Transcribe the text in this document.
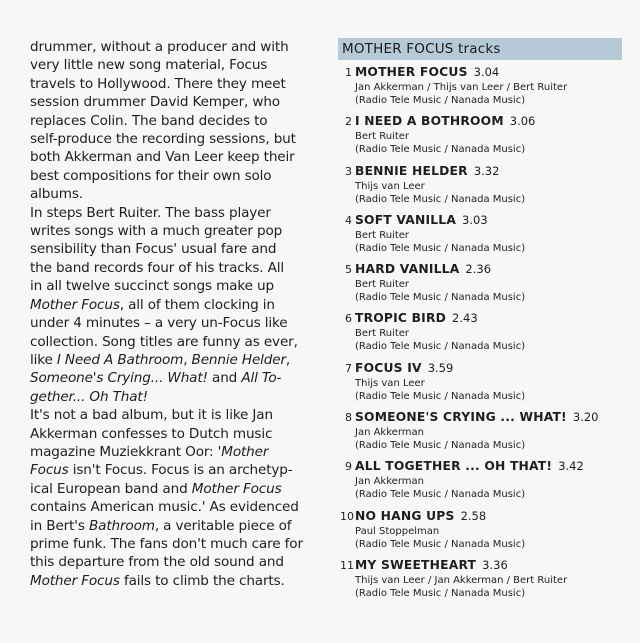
drummer, without a producer and with

very little new song material, Focus

travels to Hollywood. There they meet

session drummer David Kemper, who

replaces Colin. The band decides to

self-produce the recording sessions, but

both Akkerman and Van Leer keep their

best compositions for their own solo

albums.

In steps Bert Ruiter. The bass player

writes songs with a much greater pop

sensibility than Focus' usual fare and

the band records four of his tracks. All

in all twelve succinct songs make up

Mother Focus, all of them clocking in

under 4 minutes – a very un-Focus like

collection. Song titles are funny as ever,

like I Need A Bathroom, Bennie Helder,

Someone's Crying... What! and All To-

gether... Oh That!

It's not a bad album, but it is like Jan

Akkerman confesses to Dutch music

magazine Muziekkrant Oor: 'Mother

Focus isn't Focus. Focus is an archetyp-

ical European band and Mother Focus

contains American music.' As evidenced

in Bert's Bathroom, a veritable piece of

prime funk. The fans don't much care for

this departure from the old sound and

Mother Focus fails to climb the charts.

MOTHER FOCUS tracks
1 MOTHER FOCUS 3.04
Jan Akkerman / Thijs van Leer / Bert Ruiter
(Radio Tele Music / Nanada Music)
2 I NEED A BOTHROOM 3.06
Bert Ruiter
(Radio Tele Music / Nanada Music)
3 BENNIE HELDER 3.32
Thijs van Leer
(Radio Tele Music / Nanada Music)
4 SOFT VANILLA 3.03
Bert Ruiter
(Radio Tele Music / Nanada Music)
5 HARD VANILLA 2.36
Bert Ruiter
(Radio Tele Music / Nanada Music)
6 TROPIC BIRD 2.43
Bert Ruiter
(Radio Tele Music / Nanada Music)
7 FOCUS IV 3.59
Thijs van Leer
(Radio Tele Music / Nanada Music)
8 SOMEONE'S CRYING ... WHAT! 3.20
Jan Akkerman
(Radio Tele Music / Nanada Music)
9 ALL TOGETHER ... OH THAT! 3.42
Jan Akkerman
(Radio Tele Music / Nanada Music)
10 NO HANG UPS 2.58
Paul Stoppelman
(Radio Tele Music / Nanada Music)
11 MY SWEETHEART 3.36
Thijs van Leer / Jan Akkerman / Bert Ruiter
(Radio Tele Music / Nanada Music)
